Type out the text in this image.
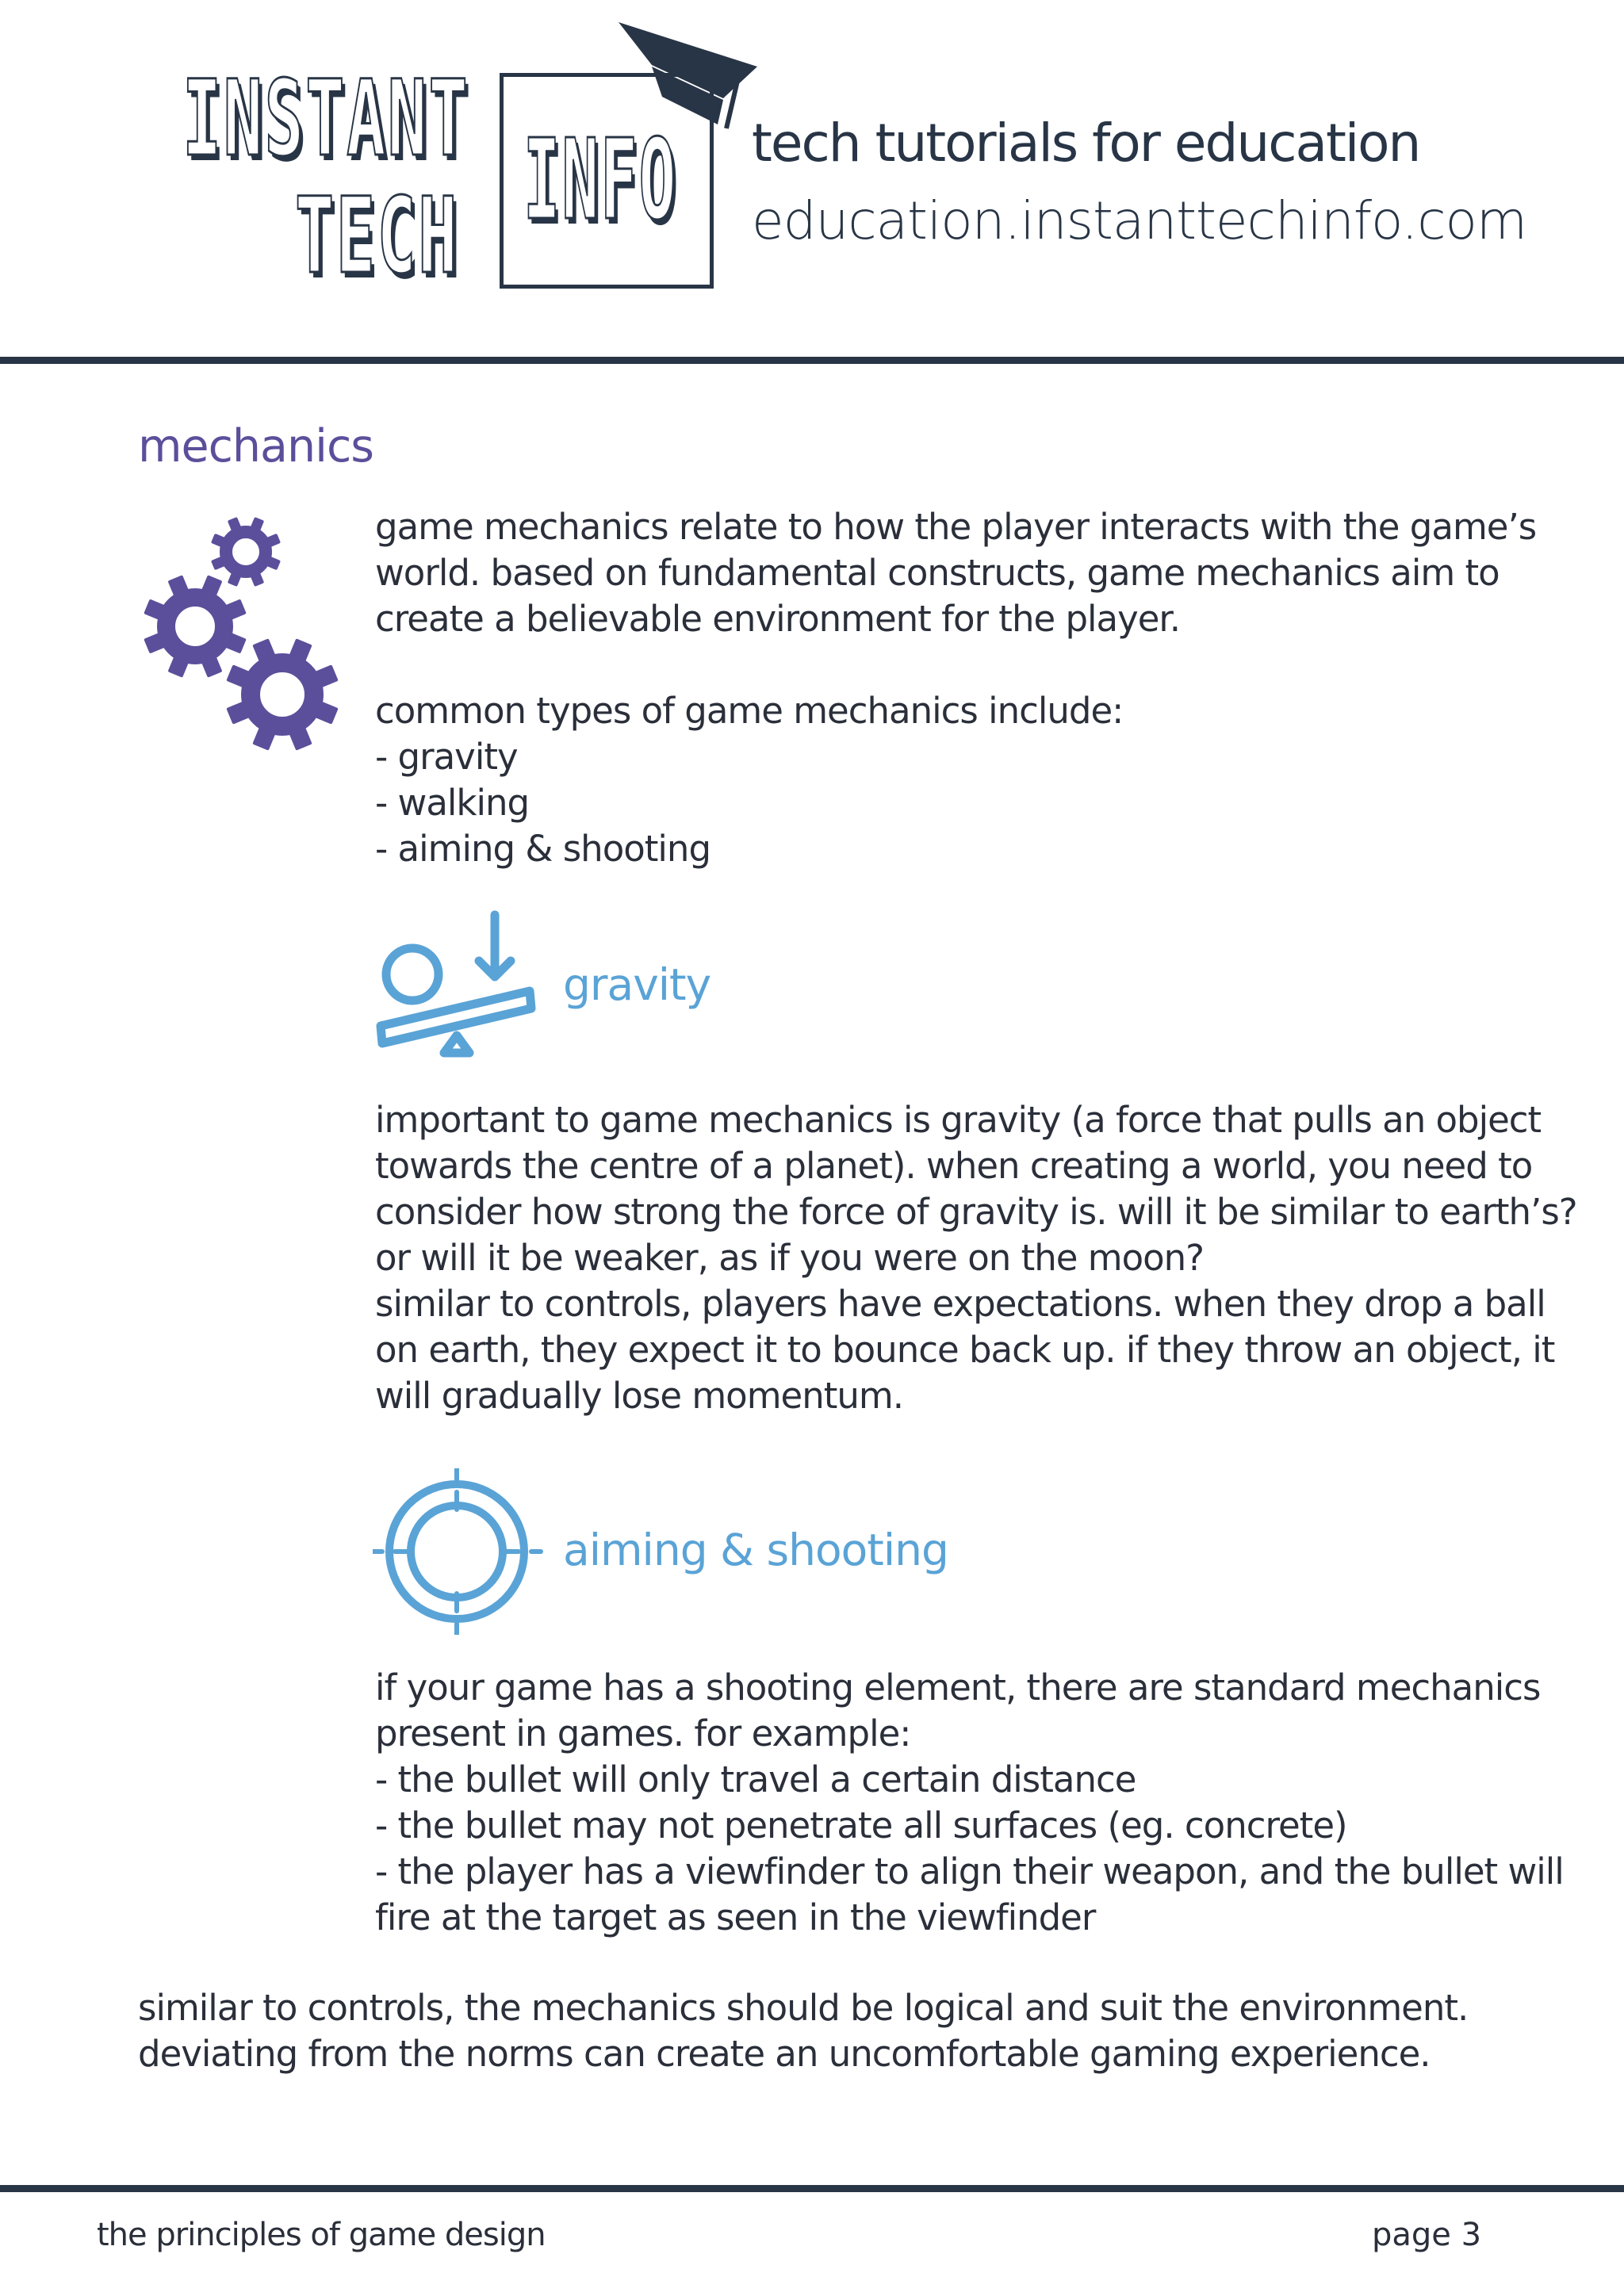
INSTANT
TECH INFO tech tutorials for education
education.instanttechinfo.com
mechanics
game mechanics relate to how the player interacts with the game’s
world. based on fundamental constructs, game mechanics aim to
create a believable environment for the player.
common types of game mechanics include:
- gravity
- walking
- aiming & shooting
gravity
important to game mechanics is gravity (a force that pulls an object
towards the centre of a planet). when creating a world, you need to
consider how strong the force of gravity is. will it be similar to earth’s?
or will it be weaker, as if you were on the moon?
similar to controls, players have expectations. when they drop a ball
on earth, they expect it to bounce back up. if they throw an object, it
will gradually lose momentum.
aiming & shooting
if your game has a shooting element, there are standard mechanics
present in games. for example:
- the bullet will only travel a certain distance
- the bullet may not penetrate all surfaces (eg. concrete)
- the player has a viewfinder to align their weapon, and the bullet will
fire at the target as seen in the viewfinder
similar to controls, the mechanics should be logical and suit the environment.
deviating from the norms can create an uncomfortable gaming experience.
the principles of game design	page 3
